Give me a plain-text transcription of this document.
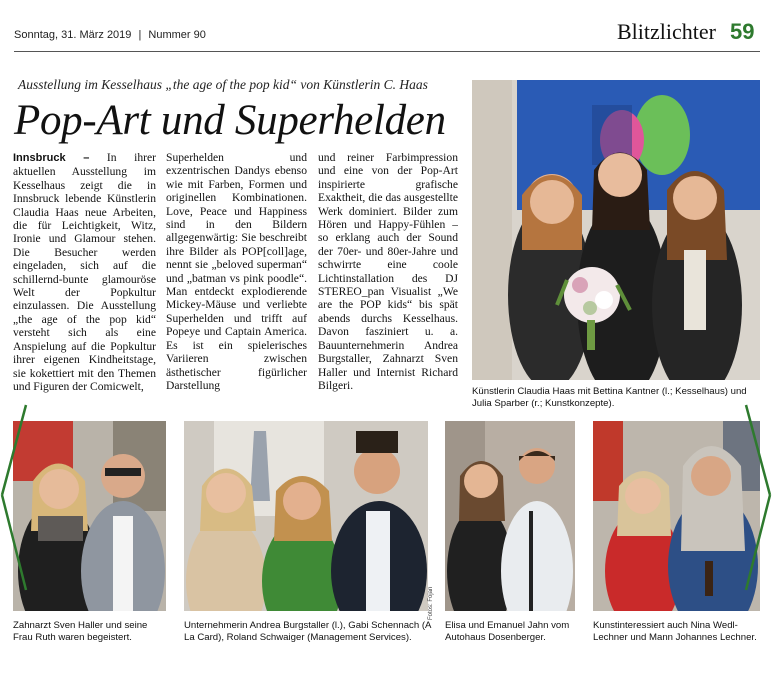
Sonntag, 31. März 2019 | Nummer 90	Blitzlichter 59
Ausstellung im Kesselhaus „the age of the pop kid“ von Künstlerin C. Haas
Pop-Art und Superhelden
Innsbruck – In ihrer aktuellen Ausstellung im Kesselhaus zeigt die in Innsbruck lebende Künstlerin Claudia Haas neue Arbeiten, die für Leichtigkeit, Witz, Ironie und Glamour stehen. Die Besucher werden eingeladen, sich auf die schillernd-bunte glamouröse Welt der Popkultur einzulassen. Die Ausstellung „the age of the pop kid“ versteht sich als eine Anspielung auf die Popkultur ihrer eigenen Kindheitstage, sie kokettiert mit den Themen und Figuren der Comicwelt,
Superhelden und exzentrischen Dandys ebenso wie mit Farben, Formen und originellen Kombinationen. Love, Peace und Happiness sind in den Bildern allgegenwärtig: Sie beschreibt ihre Bilder als POP[coll]age, nennt sie „beloved superman“ und „batman vs pink poodle“. Man entdeckt explodierende Mickey-Mäuse und verliebte Superhelden und trifft auf Popeye und Captain America. Es ist ein spielerisches Variieren zwischen ästhetischer figürlicher Darstellung
und reiner Farbimpression und eine von der Pop-Art inspirierte grafische Exaktheit, die das ausgestellte Werk dominiert. Bilder zum Hören und Happy-Fühlen – so erklang auch der Sound der 70er- und 80er-Jahre und schwirrte eine coole Lichtinstallation des DJ STEREO_pan Visualist „We are the POP kids“ bis spät abends durchs Kesselhaus. Davon fasziniert u. a. Bauunternehmerin Andrea Burgstaller, Zahnarzt Sven Haller und Internist Richard Bilgeri.	Künstlerin Claudia Haas mit Bettina Kantner (l.; Kesselhaus) und Julia Sparber (r.; Kunstkonzepte).
Zahnarzt Sven Haller und seine Frau Ruth waren begeistert.
Fotos: Fojan
Unternehmerin Andrea Burgstaller (l.), Gabi Schennach (A La Card), Roland Schwaiger (Management Services).
Elisa und Emanuel Jahn vom Autohaus Dosenberger.
Kunstinteressiert auch Nina Wedl-Lechner und Mann Johannes Lechner.
